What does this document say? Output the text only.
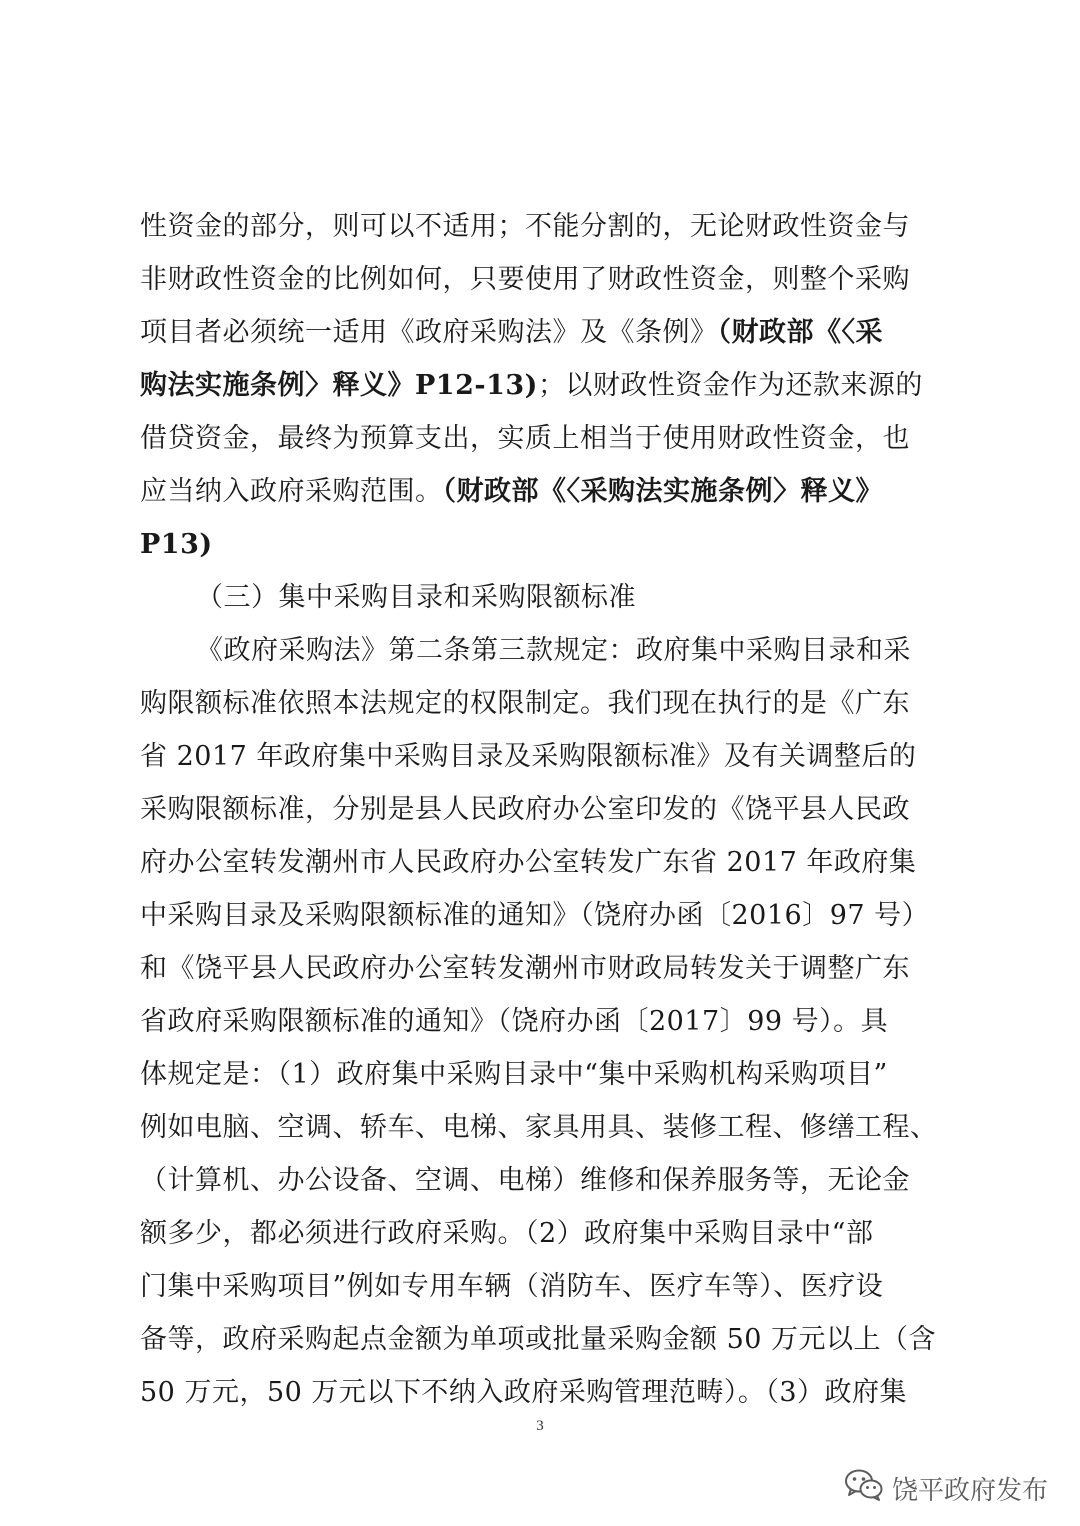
性资金的部分，则可以不适用；不能分割的，无论财政性资金与
非财政性资金的比例如何，只要使用了财政性资金，则整个采购
项目者必须统一适用《政府采购法》及《条例》（财政部《〈采
购法实施条例〉释义》P12-13)；以财政性资金作为还款来源的
借贷资金，最终为预算支出，实质上相当于使用财政性资金，也
应当纳入政府采购范围。（财政部《〈采购法实施条例〉释义》
P13)
（三）集中采购目录和采购限额标准
《政府采购法》第二条第三款规定：政府集中采购目录和采
购限额标准依照本法规定的权限制定。我们现在执行的是《广东
省 2017 年政府集中采购目录及采购限额标准》及有关调整后的
采购限额标准，分别是县人民政府办公室印发的《饶平县人民政
府办公室转发潮州市人民政府办公室转发广东省 2017 年政府集
中采购目录及采购限额标准的通知》（饶府办函〔2016〕97 号）
和《饶平县人民政府办公室转发潮州市财政局转发关于调整广东
省政府采购限额标准的通知》（饶府办函〔2017〕99 号）。具
体规定是：（1）政府集中采购目录中“集中采购机构采购项目”
例如电脑、空调、轿车、电梯、家具用具、装修工程、修缮工程、
（计算机、办公设备、空调、电梯）维修和保养服务等，无论金
额多少，都必须进行政府采购。（2）政府集中采购目录中“部
门集中采购项目”例如专用车辆（消防车、医疗车等）、医疗设
备等，政府采购起点金额为单项或批量采购金额 50 万元以上（含
50 万元，50 万元以下不纳入政府采购管理范畴）。（3）政府集
3
饶平政府发布
